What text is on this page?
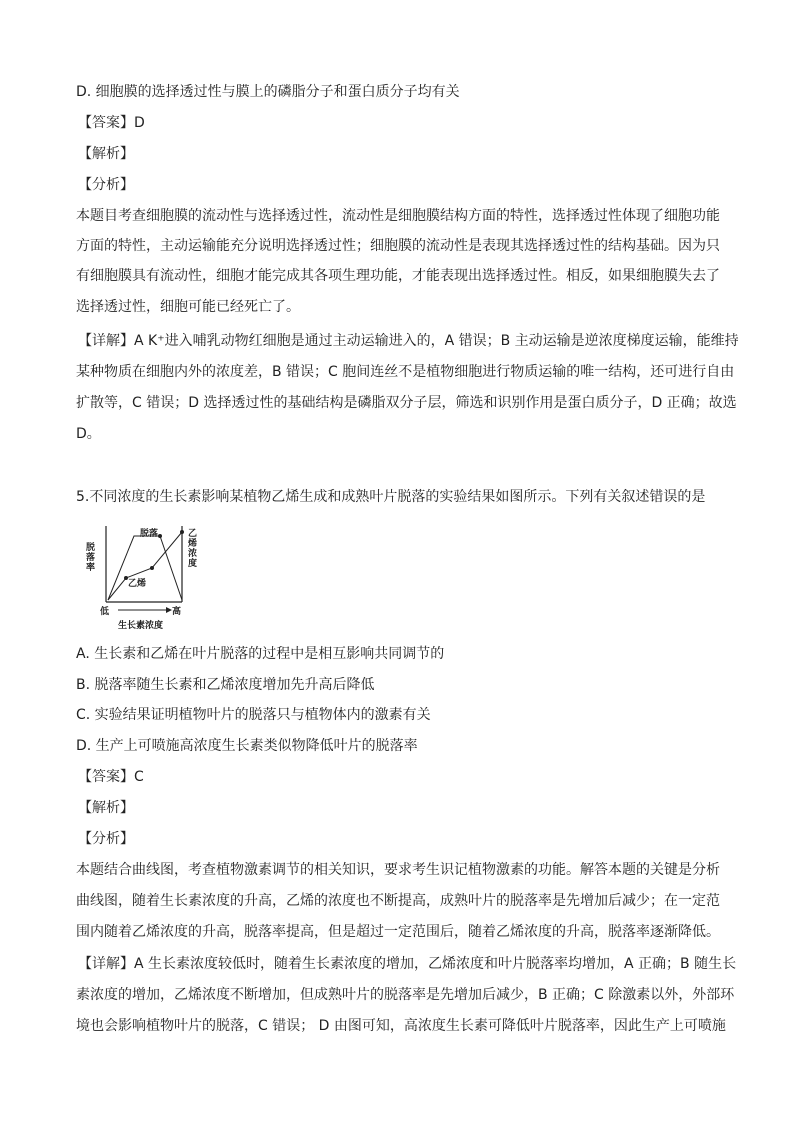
D. 细胞膜的选择透过性与膜上的磷脂分子和蛋白质分子均有关
【答案】D
【解析】
【分析】
本题目考查细胞膜的流动性与选择透过性，流动性是细胞膜结构方面的特性，选择透过性体现了细胞功能
方面的特性，主动运输能充分说明选择透过性；细胞膜的流动性是表现其选择透过性的结构基础。因为只
有细胞膜具有流动性，细胞才能完成其各项生理功能，才能表现出选择透过性。相反，如果细胞膜失去了
选择透过性，细胞可能已经死亡了。
【详解】A K⁺进入哺乳动物红细胞是通过主动运输进入的，A 错误；B 主动运输是逆浓度梯度运输，能维持
某种物质在细胞内外的浓度差，B 错误；C 胞间连丝不是植物细胞进行物质运输的唯一结构，还可进行自由
扩散等，C 错误；D 选择透过性的基础结构是磷脂双分子层，筛选和识别作用是蛋白质分子，D 正确；故选
D。
5.不同浓度的生长素影响某植物乙烯生成和成熟叶片脱落的实验结果如图所示。下列有关叙述错误的是
脱落率
乙烯浓度
脱落
乙烯
低	高
生长素浓度
A. 生长素和乙烯在叶片脱落的过程中是相互影响共同调节的
B. 脱落率随生长素和乙烯浓度增加先升高后降低
C. 实验结果证明植物叶片的脱落只与植物体内的激素有关
D. 生产上可喷施高浓度生长素类似物降低叶片的脱落率
【答案】C
【解析】
【分析】
本题结合曲线图，考查植物激素调节的相关知识，要求考生识记植物激素的功能。解答本题的关键是分析
曲线图，随着生长素浓度的升高，乙烯的浓度也不断提高，成熟叶片的脱落率是先增加后减少；在一定范
围内随着乙烯浓度的升高，脱落率提高，但是超过一定范围后，随着乙烯浓度的升高，脱落率逐渐降低。
【详解】A 生长素浓度较低时，随着生长素浓度的增加，乙烯浓度和叶片脱落率均增加，A 正确；B 随生长
素浓度的增加，乙烯浓度不断增加，但成熟叶片的脱落率是先增加后减少，B 正确；C 除激素以外，外部环
境也会影响植物叶片的脱落，C 错误； D 由图可知，高浓度生长素可降低叶片脱落率，因此生产上可喷施
